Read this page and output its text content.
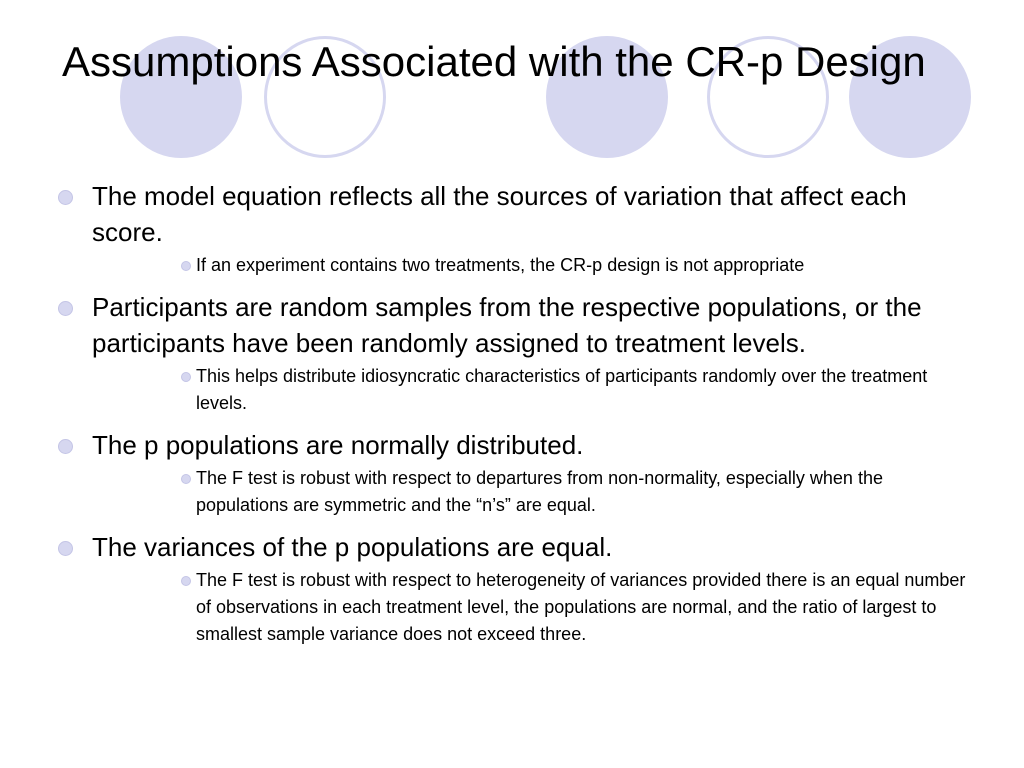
Assumptions Associated with the CR-p Design
The model equation reflects all the sources of variation that affect each score.
If an experiment contains two treatments, the CR-p design is not appropriate
Participants are random samples from the respective populations, or the participants have been randomly assigned to treatment levels.
This helps distribute idiosyncratic characteristics of participants randomly over the treatment levels.
The p populations are normally distributed.
The F test is robust with respect to departures from non-normality, especially when the populations are symmetric and the “n’s” are equal.
The variances of the p populations are equal.
The F test is robust with respect to heterogeneity of variances provided there is an equal number of observations in each treatment level, the populations are normal, and the ratio of largest to smallest sample variance does not exceed three.
